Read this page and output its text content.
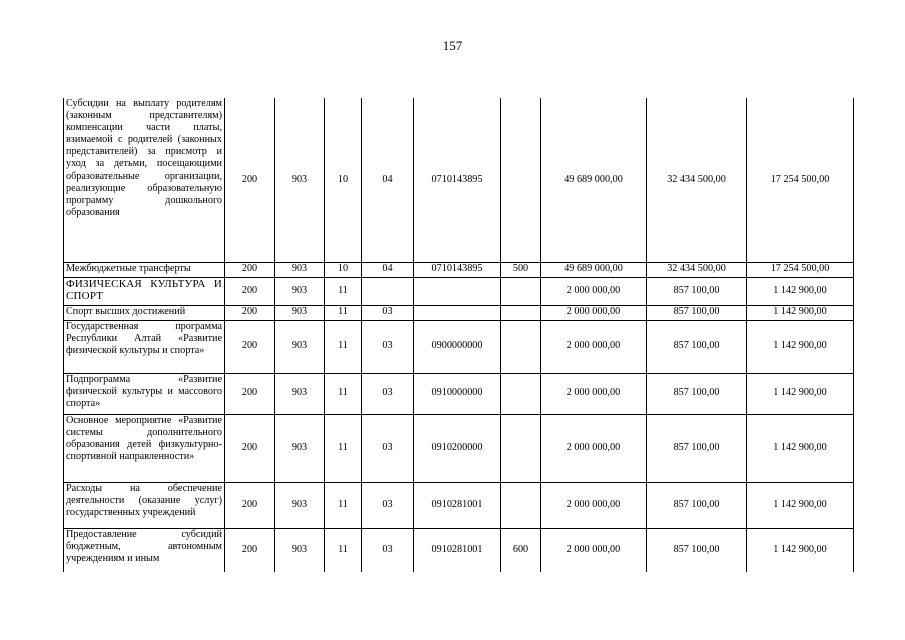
157
Субсидии на выплату родителям (законным представителям) компенсации части платы, взимаемой с родителей (законных представителей) за присмотр и уход за детьми, посещающими образовательные организации, реализующие образовательную программу дошкольного образования	200	903	10	04	0710143895		49 689 000,00	32 434 500,00	17 254 500,00
Межбюджетные трансферты	200	903	10	04	0710143895	500	49 689 000,00	32 434 500,00	17 254 500,00
ФИЗИЧЕСКАЯ КУЛЬТУРА И СПОРТ	200	903	11				2 000 000,00	857 100,00	1 142 900,00
Спорт высших достижений	200	903	11	03			2 000 000,00	857 100,00	1 142 900,00
Государственная программа Республики Алтай «Развитие физической культуры и спорта»	200	903	11	03	0900000000		2 000 000,00	857 100,00	1 142 900,00
Подпрограмма «Развитие физической культуры и массового спорта»	200	903	11	03	0910000000		2 000 000,00	857 100,00	1 142 900,00
Основное мероприятие «Развитие системы дополнительного образования детей физкультурно-спортивной направленности»	200	903	11	03	0910200000		2 000 000,00	857 100,00	1 142 900,00
Расходы на обеспечение деятельности (оказание услуг) государственных учреждений	200	903	11	03	0910281001		2 000 000,00	857 100,00	1 142 900,00
Предоставление субсидий бюджетным, автономным учреждениям и иным	200	903	11	03	0910281001	600	2 000 000,00	857 100,00	1 142 900,00
